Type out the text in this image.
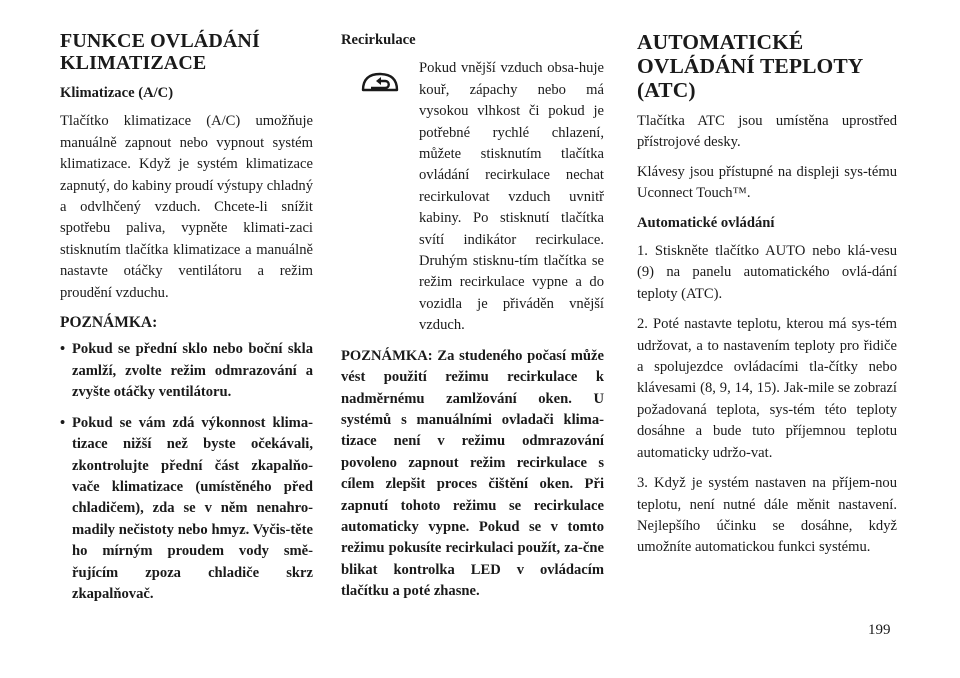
FUNKCE OVLÁDÁNÍ KLIMATIZACE
Klimatizace (A/C)

Tlačítko klimatizace (A/C) umožňuje manuálně zapnout nebo vypnout systém klimatizace. Když je systém klimatizace zapnutý, do kabiny proudí výstupy chladný a odvlhčený vzduch. Chcete-li snížit spotřebu paliva, vypněte klimati-zaci stisknutím tlačítka klimatizace a manuálně nastavte otáčky ventilátoru a režim proudění vzduchu.

POZNÁMKA:
• Pokud se přední sklo nebo boční skla zamlží, zvolte režim odmrazování a zvyšte otáčky ventilátoru.
• Pokud se vám zdá výkonnost klima-tizace nižší než byste očekávali, zkontrolujte přední část zkapalňo-vače klimatizace (umístěného před chladičem), zda se v něm nenahro-madily nečistoty nebo hmyz. Vyčis-těte ho mírným proudem vody smě-řujícím zpoza chladiče skrz zkapalňovač.
Recirkulace
Pokud vnější vzduch obsa-huje kouř, zápachy nebo má vysokou vlhkost či pokud je potřebné rychlé chlazení, můžete stisknutím tlačítka ovládání recirkulace nechat recirkulovat vzduch uvnitř kabiny. Po stisknutí tlačítka svítí indikátor recirkulace. Druhým stisknu-tím tlačítka se režim recirkulace vypne a do vozidla je přiváděn vnější vzduch.

POZNÁMKA: Za studeného počasí může vést použití režimu recirkulace k nadměrnému zamlžování oken. U systémů s manuálními ovladači klima-tizace není v režimu odmrazování povoleno zapnout režim recirkulace s cílem zlepšit proces čištění oken. Při zapnutí tohoto režimu se recirkulace automaticky vypne. Pokud se v tomto režimu pokusíte recirkulaci použít, za-čne blikat kontrolka LED v ovládacím tlačítku a poté zhasne.

AUTOMATICKÉ OVLÁDÁNÍ TEPLOTY (ATC)

Tlačítka ATC jsou umístěna uprostřed přístrojové desky.

Klávesy jsou přístupné na displeji sys-tému Uconnect Touch™.

Automatické ovládání

1. Stiskněte tlačítko AUTO nebo klá-vesu (9) na panelu automatického ovlá-dání teploty (ATC).

2. Poté nastavte teplotu, kterou má sys-tém udržovat, a to nastavením teploty pro řidiče a spolujezdce ovládacími tla-čítky nebo klávesami (8, 9, 14, 15). Jak-mile se zobrazí požadovaná teplota, sys-tém této teploty dosáhne a bude tuto příjemnou teplotu automaticky udržo-vat.

3. Když je systém nastaven na příjem-nou teplotu, není nutné dále měnit nastavení. Nejlepšího účinku se dosáhne, když umožníte automatickou funkci systému.

199
